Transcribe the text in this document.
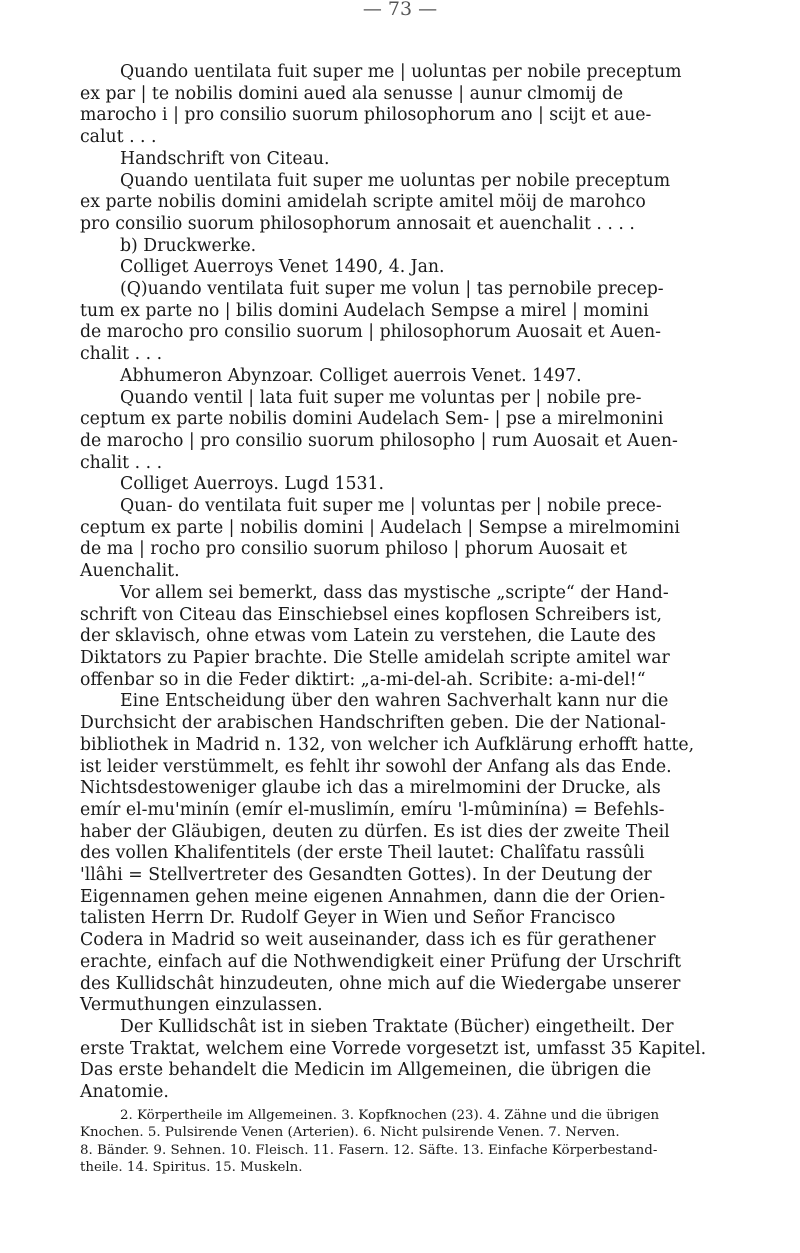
— 73 —
Quando uentilata fuit super me | uoluntas per nobile preceptum
ex par | te nobilis domini aued ala senusse | aunur clmomij de
marocho i | pro consilio suorum philosophorum ano | scijt et aue-
calut . . .
Handschrift von Citeau.
Quando uentilata fuit super me uoluntas per nobile preceptum
ex parte nobilis domini amidelah scripte amitel möij de marohco
pro consilio suorum philosophorum annosait et auenchalit . . . .
b) Druckwerke.
Colliget Auerroys Venet 1490, 4. Jan.
(Q)uando ventilata fuit super me volun | tas pernobile precep-
tum ex parte no | bilis domini Audelach Sempse a mirel | momini
de marocho pro consilio suorum | philosophorum Auosait et Auen-
chalit . . .
Abhumeron Abynzoar. Colliget auerrois Venet. 1497.
Quando ventil | lata fuit super me voluntas per | nobile pre-
ceptum ex parte nobilis domini Audelach Sem- | pse a mirelmonini
de marocho | pro consilio suorum philosopho | rum Auosait et Auen-
chalit . . .
Colliget Auerroys. Lugd 1531.
Quan- do ventilata fuit super me | voluntas per | nobile prece-
ceptum ex parte | nobilis domini | Audelach | Sempse a mirelmomini
de ma | rocho pro consilio suorum philoso | phorum Auosait et
Auenchalit.
Vor allem sei bemerkt, dass das mystische „scripte“ der Hand-
schrift von Citeau das Einschiebsel eines kopflosen Schreibers ist,
der sklavisch, ohne etwas vom Latein zu verstehen, die Laute des
Diktators zu Papier brachte. Die Stelle amidelah scripte amitel war
offenbar so in die Feder diktirt: „a-mi-del-ah. Scribite: a-mi-del!“
Eine Entscheidung über den wahren Sachverhalt kann nur die
Durchsicht der arabischen Handschriften geben. Die der National-
bibliothek in Madrid n. 132, von welcher ich Aufklärung erhofft hatte,
ist leider verstümmelt, es fehlt ihr sowohl der Anfang als das Ende.
Nichtsdestoweniger glaube ich das a mirelmomini der Drucke, als
emír el-mu'minín (emír el-muslimín, emíru 'l-mûminína) = Befehls-
haber der Gläubigen, deuten zu dürfen. Es ist dies der zweite Theil
des vollen Khalifentitels (der erste Theil lautet: Chalîfatu rassûli
'llâhi = Stellvertreter des Gesandten Gottes). In der Deutung der
Eigennamen gehen meine eigenen Annahmen, dann die der Orien-
talisten Herrn Dr. Rudolf Geyer in Wien und Señor Francisco
Codera in Madrid so weit auseinander, dass ich es für gerathener
erachte, einfach auf die Nothwendigkeit einer Prüfung der Urschrift
des Kullidschât hinzudeuten, ohne mich auf die Wiedergabe unserer
Vermuthungen einzulassen.
Der Kullidschât ist in sieben Traktate (Bücher) eingetheilt. Der
erste Traktat, welchem eine Vorrede vorgesetzt ist, umfasst 35 Kapitel.
Das erste behandelt die Medicin im Allgemeinen, die übrigen die
Anatomie.
2. Körpertheile im Allgemeinen. 3. Kopfknochen (23). 4. Zähne und die übrigen
Knochen. 5. Pulsirende Venen (Arterien). 6. Nicht pulsirende Venen. 7. Nerven.
8. Bänder. 9. Sehnen. 10. Fleisch. 11. Fasern. 12. Säfte. 13. Einfache Körperbestand-
theile. 14. Spiritus. 15. Muskeln.
